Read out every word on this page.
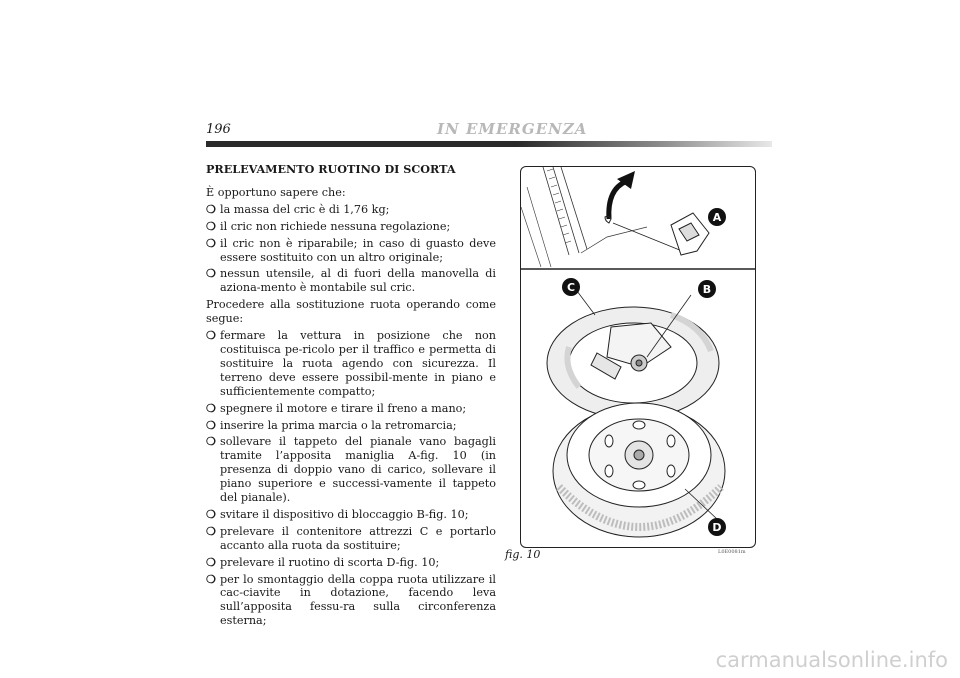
196	IN EMERGENZA
PRELEVAMENTO RUOTINO DI SCORTA
È opportuno sapere che:
❍ la massa del cric è di 1,76 kg;
❍ il cric non richiede nessuna regolazione;
❍ il cric non è riparabile; in caso di guasto deve essere sostituito con un altro originale;
❍ nessun utensile, al di fuori della manovella di aziona-mento è montabile sul cric.
Procedere alla sostituzione ruota operando come segue:
❍ fermare la vettura in posizione che non costituisca pe-ricolo per il traffico e permetta di sostituire la ruota agendo con sicurezza. Il terreno deve essere possibil-mente in piano e sufficientemente compatto;
❍ spegnere il motore e tirare il freno a mano;
❍ inserire la prima marcia o la retromarcia;
❍ sollevare il tappeto del pianale vano bagagli tramite l’apposita maniglia A-fig. 10 (in presenza di doppio vano di carico, sollevare il piano superiore e successi-vamente il tappeto del pianale).
❍ svitare il dispositivo di bloccaggio B-fig. 10;
❍ prelevare il contenitore attrezzi C e portarlo accanto alla ruota da sostituire;
❍ prelevare il ruotino di scorta D-fig. 10;
❍ per lo smontaggio della coppa ruota utilizzare il cac-ciavite in dotazione, facendo leva sull’apposita fessu-ra sulla circonferenza esterna;
A
B
C
D
fig. 10	L0E0081m
carmanualsonline.info
